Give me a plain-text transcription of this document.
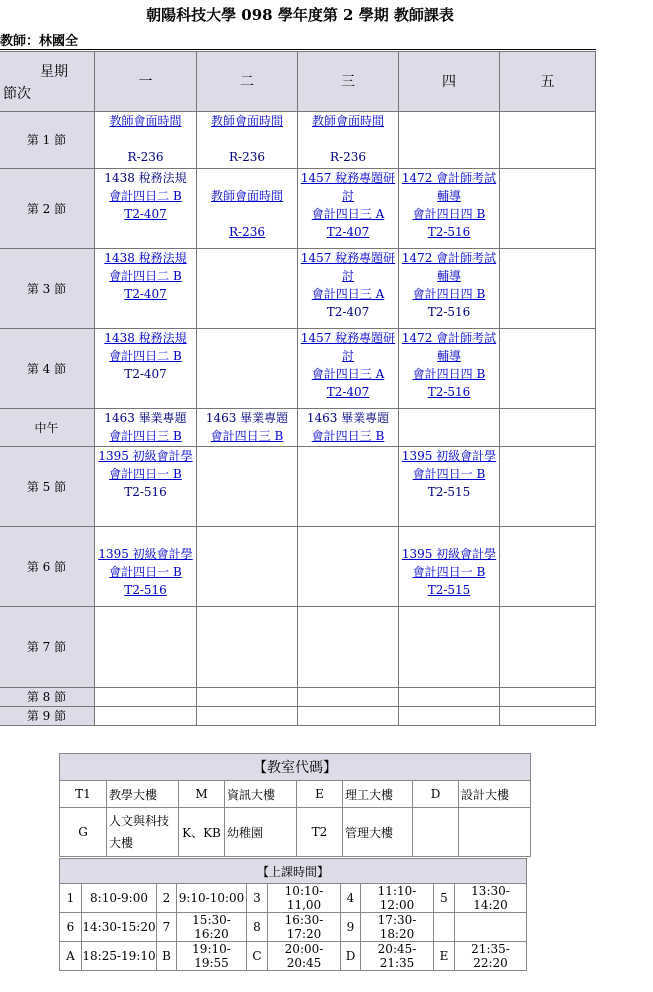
朝陽科技大學 098 學年度第 2 學期 教師課表
教師：林國全
星期
節次	一	二	三	四	五
第 1 節	教師會面時間

R-236	教師會面時間

R-236	教師會面時間

R-236		
第 2 節	1438 稅務法規
會計四日二 B
T2-407	教師會面時間

R-236	1457 稅務專題研討
會計四日三 A
T2-407	1472 會計師考試輔導
會計四日四 B
T2-516	
第 3 節	1438 稅務法規
會計四日二 B
T2-407		1457 稅務專題研討
會計四日三 A
T2-407	1472 會計師考試輔導
會計四日四 B
T2-516	
第 4 節	1438 稅務法規
會計四日二 B
T2-407		1457 稅務專題研討
會計四日三 A
T2-407	1472 會計師考試輔導
會計四日四 B
T2-516	
中午	1463 畢業專題
會計四日三 B	1463 畢業專題
會計四日三 B	1463 畢業專題
會計四日三 B		
第 5 節	1395 初級會計學
會計四日一 B
T2-516			1395 初級會計學
會計四日一 B
T2-515	
第 6 節	1395 初級會計學
會計四日一 B
T2-516			1395 初級會計學
會計四日一 B
T2-515	
第 7 節					
第 8 節					
第 9 節					
【教室代碼】							
T1	教學大樓	M	資訊大樓	E	理工大樓	D	設計大樓
G	人文與科技大樓	K、KB	幼稚園	T2	管理大樓		
【上課時間】									
1	8:10-9:00	2	9:10-10:00	3	10:10-11,00	4	11:10-12:00	5	13:30-14:20
6	14:30-15:20	7	15:30-16:20	8	16:30-17:20	9	17:30-18:20		
A	18:25-19:10	B	19:10-19:55	C	20:00-20:45	D	20:45-21:35	E	21:35-22:20
